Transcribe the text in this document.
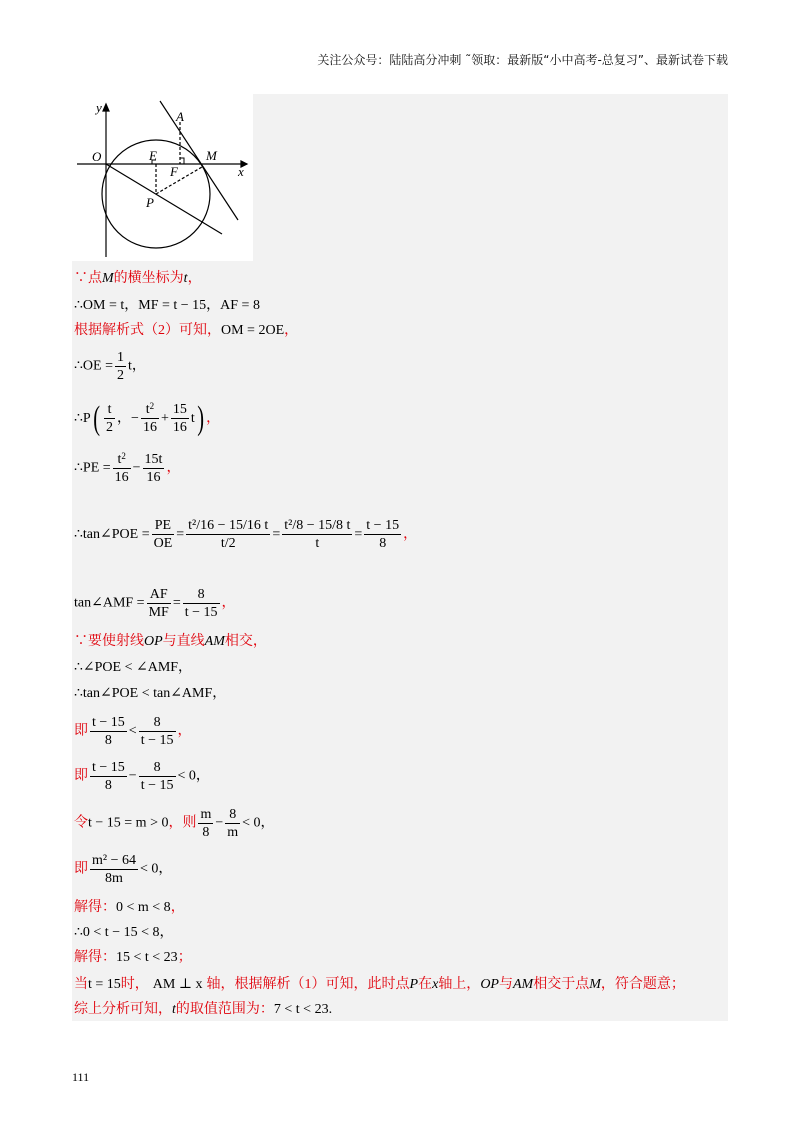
关注公众号：陆陆高分冲刺 ˜领取：最新版“小中高考-总复习”、最新试卷下载
y
O
A
E	M
F	x
P
∵点M的横坐标为t，
∴OM = t，MF = t − 15，AF = 8
根据解析式（2）可知，OM = 2OE，
∴OE = $\frac{1}{2}$ t，
∴P( $\frac{t}{2}$ ，− $\frac{t^2}{16} + \frac{15}{16} t$) ，
∴PE = $\frac{t^2}{16} - \frac{15t}{16}$ ，
∴tan∠POE = $\frac{PE}{OE} = \frac{\text{t²/16 − 15/16 t}}{t/2} = \frac{\text{t²/8 − 15/8 t}}{t} = \frac{t - 15}{8}$ ，
tan∠AMF = $\frac{AF}{MF} = \frac{8}{t - 15}$ ，
∵要使射线OP与直线AM相交，
∴∠POE < ∠AMF，
∴tan∠POE < tan∠AMF，
即 $\frac{t - 15}{8} < \frac{8}{t - 15}$ ，
即 $\frac{t - 15}{8} - \frac{8}{t - 15} < 0$，
令t − 15 = m > 0，则 $\frac{m}{8} - \frac{8}{m} < 0$，
即 $\frac{\text{m² − 64}}{8m} < 0$，
解得：0 < m < 8，
∴0 < t − 15 < 8，
解得：15 < t < 23；
当t = 15时， AM ⊥ x 轴，根据解析（1）可知，此时点P在x轴上，OP与AM相交于点M，符合题意；
综上分析可知，t的取值范围为：7 < t < 23.
111
